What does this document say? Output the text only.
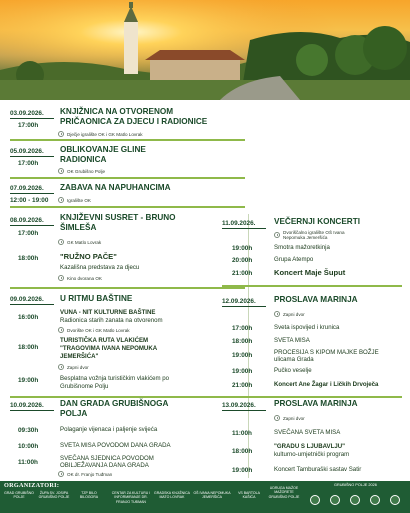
03.09.2026. KNJIŽNICA NA OTVORENOM
PRIČAONICA ZA DJECU I RADIONICE
17:00h
Dječje igralište OK i GK Matlo Lovrak
05.09.2026. OBLIKOVANJE GLINE
RADIONICA
17:00h
OK Grubišno Polje
07.09.2026. ZABAVA NA NAPUHANCIMA
12:00 - 19:00	Igralište OK
08.09.2026. KNJIŽEVNI SUSRET - BRUNO
ŠIMLEŠA
17:00h
GK Matlo Lovrak
18:00h	"RUŽNO PAČE"
Kazališna predstava za djecu
Kino dvorana OK
09.09.2026. U RITMU BAŠTINE
16:00h
VUNA - NIT KULTURNE BAŠTINE
Radionica starih zanata na otvorenom
Dvorište OK i GK Matlo Lovrak
18:00h
TURISTIČKA RUTA VLAKIĆEM
"TRAGOVIMA IVANA NEPOMUKA
JEMERŠIĆA"
Zapni dvor
19:00h	Besplatna vožnja turističkim vlakićem po
Grubišnome Polju
10.09.2026. DAN GRADA GRUBIŠNOGA
POLJA
09:30h	Polaganje vijenaca i paljenje svijeća
10:00h	SVETA MISA POVODOM DANA GRADA
11:00h
SVEČANA SJEDNICA POVODOM
OBILJEŽAVANJA DANA GRADA
OK dr. Franjo Tuđman
11.09.2026. VEČERNJI KONCERTI
Dvoriščalno igralište OŠ Ivana
Nepomuka Jemeršića
19:00h	Smotra mažoretkinja
20:00h	Grupa Atempo
21:00h	Koncert Maje Šuput
12.09.2026. PROSLAVA MARINJA
Zapni dvor
17:00h	Sveta ispovijed i krunica
18:00h	SVETA MISA
19:00h	PROCESIJA S KIPOM MAJKE BOŽJE
ulicama Grada
19:00h	Pučko veselje
21:00h	Koncert Ane Žagar i Ličkih Drvoječa
13.09.2026. PROSLAVA MARINJA
Zapni dvor
11:00h	SVEČANA SVETA MISA
18:00h
"GRADU S LJUBAVLJU"
kulturno-umjetnički program
19:00h	Koncert Tamburaški sastav Satir
ORGANIZATORI:	GRUBIŠNO POLJE 2026
GRAD GRUBIŠNO
POLJE
ŽUPA SV. JOSIPA
GRUBIŠNO POLJE
TZP BILO
BILOGORA
CENTAR ZA KULTURU I
INFORMIRANJE DR.
FRANJO TUĐMAN
GRADSKA KNJIŽNICA
MATO LOVRAK
OŠ IVANA NEPOMUKA
JEMERŠIĆA
VS BARTOLA
KAŠIĆA
UDRUGA MAŽOE
MAŽORETE
GRUBIŠNO POLJE
